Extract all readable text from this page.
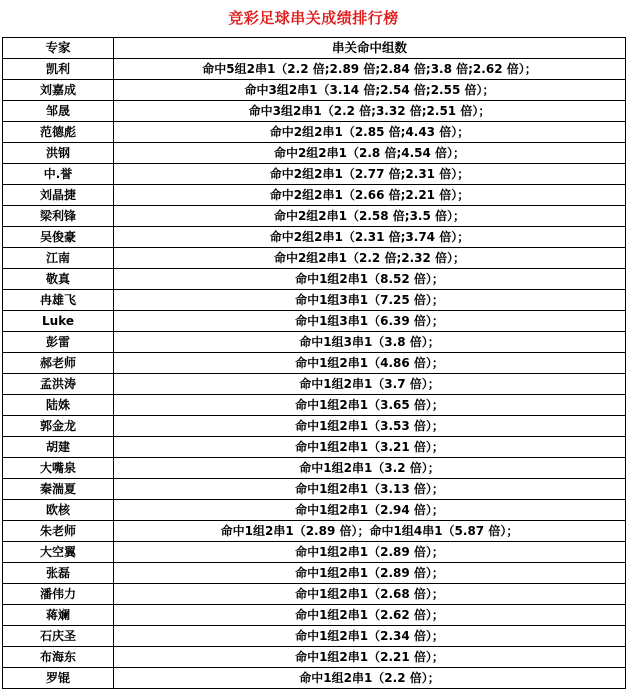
竞彩足球串关成绩排行榜
专家	串关命中组数
凯利	命中5组2串1（2.2 倍;2.89 倍;2.84 倍;3.8 倍;2.62 倍）；
刘嘉成	命中3组2串1（3.14 倍;2.54 倍;2.55 倍）；
邹晟	命中3组2串1（2.2 倍;3.32 倍;2.51 倍）；
范德彪	命中2组2串1（2.85 倍;4.43 倍）；
洪钢	命中2组2串1（2.8 倍;4.54 倍）；
中.誉	命中2组2串1（2.77 倍;2.31 倍）；
刘晶捷	命中2组2串1（2.66 倍;2.21 倍）；
梁利锋	命中2组2串1（2.58 倍;3.5 倍）；
吴俊豪	命中2组2串1（2.31 倍;3.74 倍）；
江南	命中2组2串1（2.2 倍;2.32 倍）；
敬真	命中1组2串1（8.52 倍）；
冉雄飞	命中1组3串1（7.25 倍）；
Luke	命中1组3串1（6.39 倍）；
彭雷	命中1组3串1（3.8 倍）；
郝老师	命中1组2串1（4.86 倍）；
孟洪涛	命中1组2串1（3.7 倍）；
陆姝	命中1组2串1（3.65 倍）；
郭金龙	命中1组2串1（3.53 倍）；
胡建	命中1组2串1（3.21 倍）；
大嘴泉	命中1组2串1（3.2 倍）；
秦湍夏	命中1组2串1（3.13 倍）；
欧核	命中1组2串1（2.94 倍）；
朱老师	命中1组2串1（2.89 倍）；命中1组4串1（5.87 倍）；
大空翼	命中1组2串1（2.89 倍）；
张磊	命中1组2串1（2.89 倍）；
潘伟力	命中1组2串1（2.68 倍）；
蒋斓	命中1组2串1（2.62 倍）；
石庆圣	命中1组2串1（2.34 倍）；
布海东	命中1组2串1（2.21 倍）；
罗锟	命中1组2串1（2.2 倍）；
